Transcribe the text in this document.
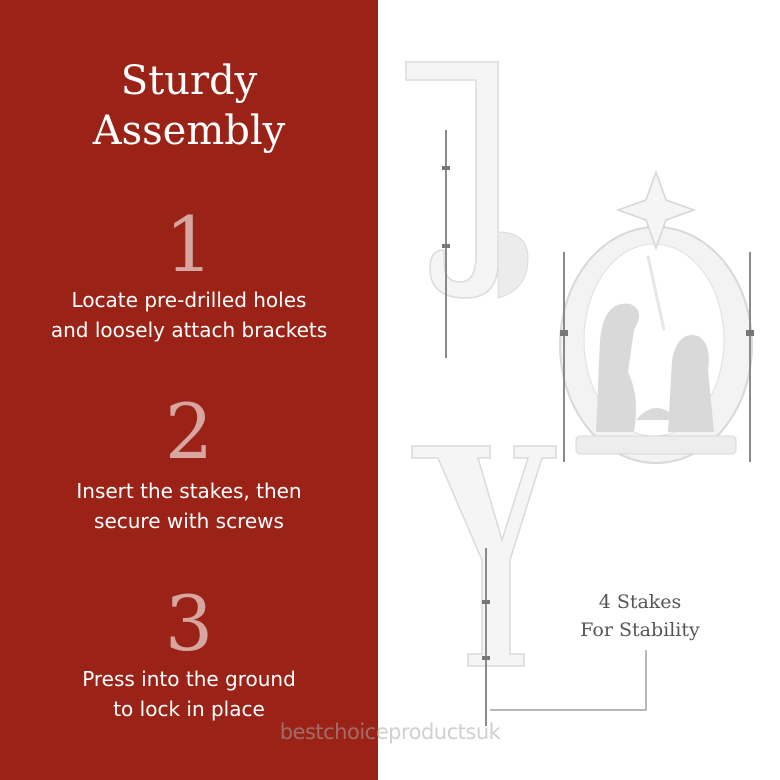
Sturdy
Assembly
1
Locate pre-drilled holes
and loosely attach brackets
2
Insert the stakes, then
secure with screws
3
Press into the ground
to lock in place
4 Stakes
For Stability
bestchoiceproductsuk
